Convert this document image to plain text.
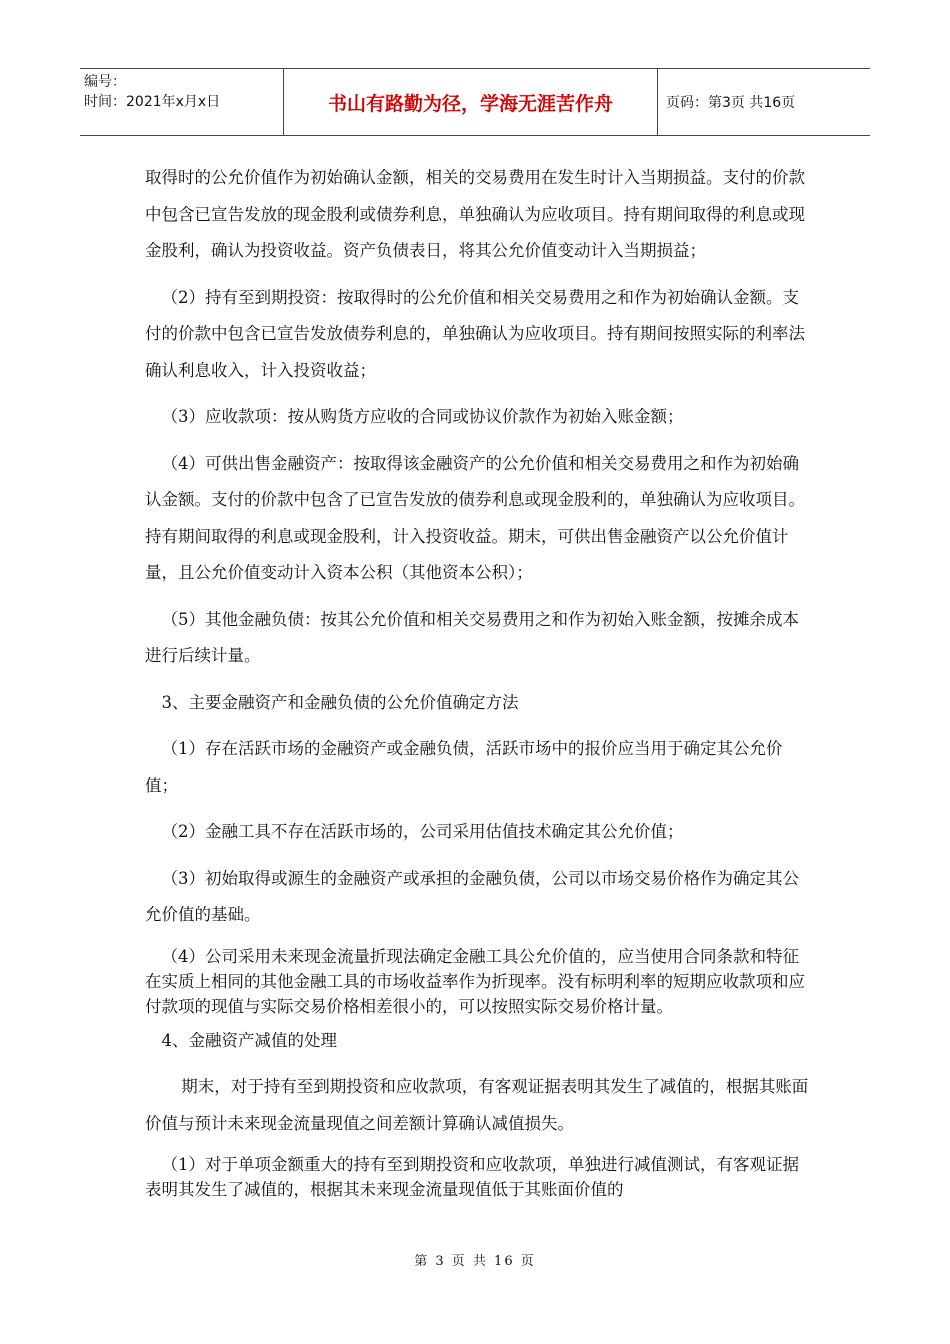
编号：
时间：2021年x月x日	书山有路勤为径，学海无涯苦作舟	页码：第3页 共16页

取得时的公允价值作为初始确认金额，相关的交易费用在发生时计入当期损益。支付的价款中包含已宣告发放的现金股利或债券利息，单独确认为应收项目。持有期间取得的利息或现金股利，确认为投资收益。资产负债表日，将其公允价值变动计入当期损益；

（2）持有至到期投资：按取得时的公允价值和相关交易费用之和作为初始确认金额。支付的价款中包含已宣告发放债券利息的，单独确认为应收项目。持有期间按照实际的利率法确认利息收入，计入投资收益；

（3）应收款项：按从购货方应收的合同或协议价款作为初始入账金额；

（4）可供出售金融资产：按取得该金融资产的公允价值和相关交易费用之和作为初始确认金额。支付的价款中包含了已宣告发放的债券利息或现金股利的，单独确认为应收项目。持有期间取得的利息或现金股利，计入投资收益。期末，可供出售金融资产以公允价值计量，且公允价值变动计入资本公积（其他资本公积）；

（5）其他金融负债：按其公允价值和相关交易费用之和作为初始入账金额，按摊余成本进行后续计量。

3、主要金融资产和金融负债的公允价值确定方法

（1）存在活跃市场的金融资产或金融负债，活跃市场中的报价应当用于确定其公允价值；

（2）金融工具不存在活跃市场的，公司采用估值技术确定其公允价值；

（3）初始取得或源生的金融资产或承担的金融负债，公司以市场交易价格作为确定其公允价值的基础。

（4）公司采用未来现金流量折现法确定金融工具公允价值的，应当使用合同条款和特征在实质上相同的其他金融工具的市场收益率作为折现率。没有标明利率的短期应收款项和应付款项的现值与实际交易价格相差很小的，可以按照实际交易价格计量。

4、金融资产减值的处理

期末，对于持有至到期投资和应收款项，有客观证据表明其发生了减值的，根据其账面价值与预计未来现金流量现值之间差额计算确认减值损失。

（1）对于单项金额重大的持有至到期投资和应收款项，单独进行减值测试，有客观证据表明其发生了减值的，根据其未来现金流量现值低于其账面价值的

第 3 页 共 16 页
